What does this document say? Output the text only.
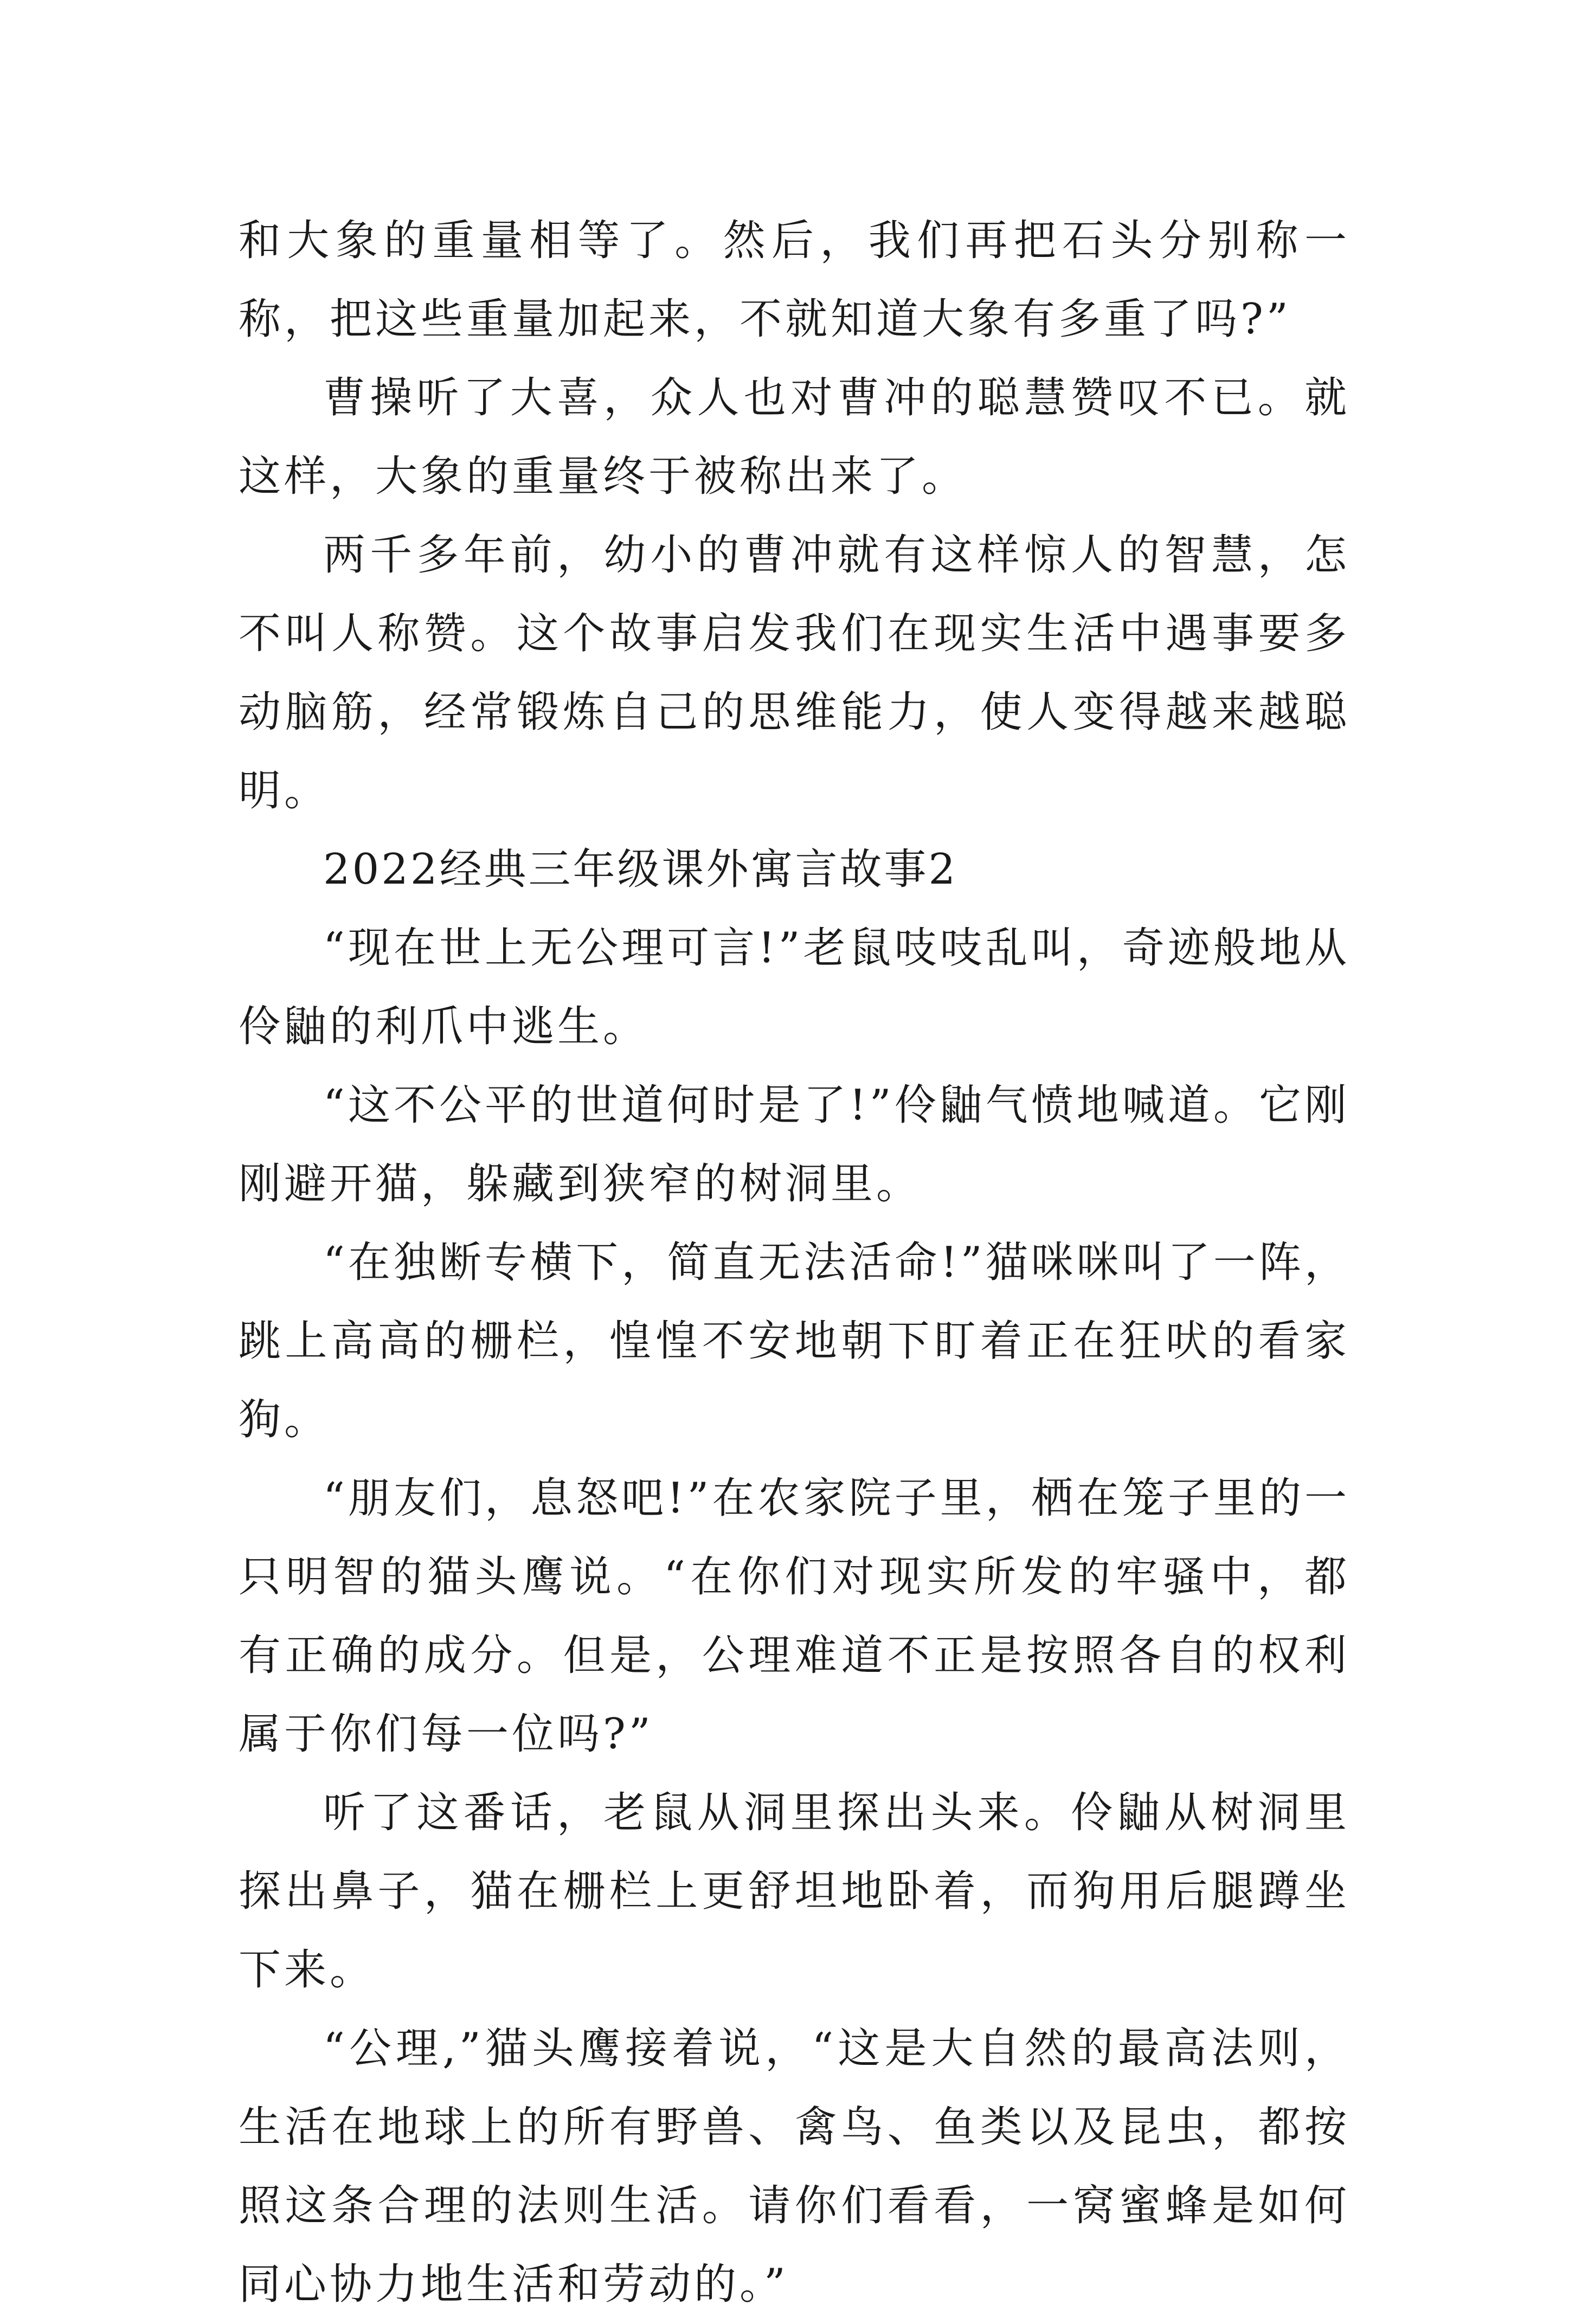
和大象的重量相等了。然后，我们再把石头分别称一称，把这些重量加起来，不就知道大象有多重了吗?”

曹操听了大喜，众人也对曹冲的聪慧赞叹不已。就这样，大象的重量终于被称出来了。

两千多年前，幼小的曹冲就有这样惊人的智慧，怎不叫人称赞。这个故事启发我们在现实生活中遇事要多动脑筋，经常锻炼自己的思维能力，使人变得越来越聪明。

2022经典三年级课外寓言故事2

“现在世上无公理可言!”老鼠吱吱乱叫，奇迹般地从伶鼬的利爪中逃生。

“这不公平的世道何时是了!”伶鼬气愤地喊道。它刚刚避开猫，躲藏到狭窄的树洞里。

“在独断专横下，简直无法活命!”猫咪咪叫了一阵，跳上高高的栅栏，惶惶不安地朝下盯着正在狂吠的看家狗。

“朋友们，息怒吧!”在农家院子里，栖在笼子里的一只明智的猫头鹰说。“在你们对现实所发的牢骚中，都有正确的成分。但是，公理难道不正是按照各自的权利属于你们每一位吗?”

听了这番话，老鼠从洞里探出头来。伶鼬从树洞里探出鼻子，猫在栅栏上更舒坦地卧着，而狗用后腿蹲坐下来。

“公理,”猫头鹰接着说，“这是大自然的最高法则，生活在地球上的所有野兽、禽鸟、鱼类以及昆虫，都按照这条合理的法则生活。请你们看看，一窝蜜蜂是如何同心协力地生活和劳动的。”
